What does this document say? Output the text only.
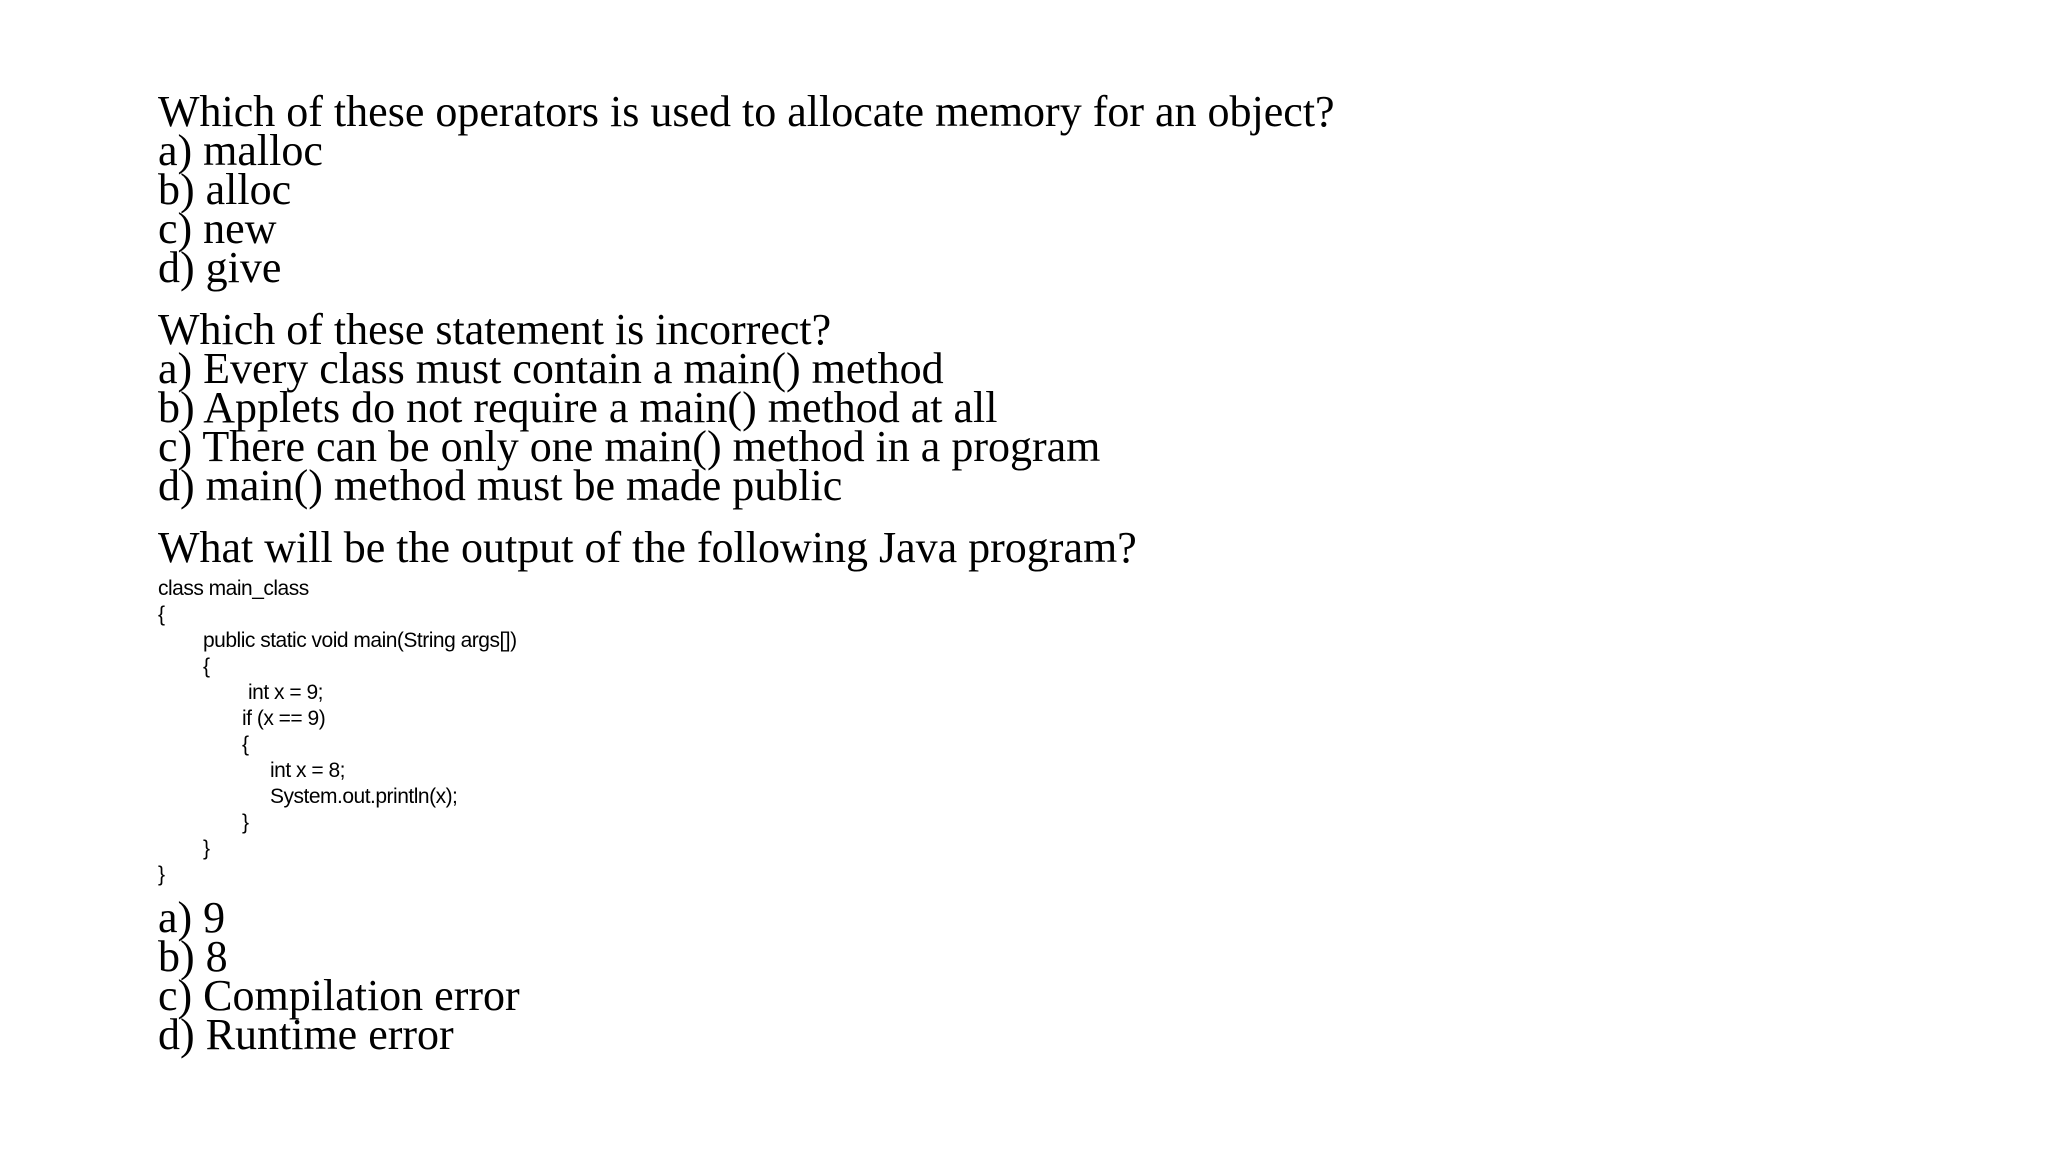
Which of these operators is used to allocate memory for an object?

a) malloc

b) alloc

c) new

d) give

Which of these statement is incorrect?

a) Every class must contain a main() method

b) Applets do not require a main() method at all

c) There can be only one main() method in a program

d) main() method must be made public

What will be the output of the following Java program?

class main_class
{
public static void main(String args[])
{
int x = 9;
if (x == 9)
{
int x = 8;
System.out.println(x);
}
}
}

a) 9

b) 8

c) Compilation error

d) Runtime error
